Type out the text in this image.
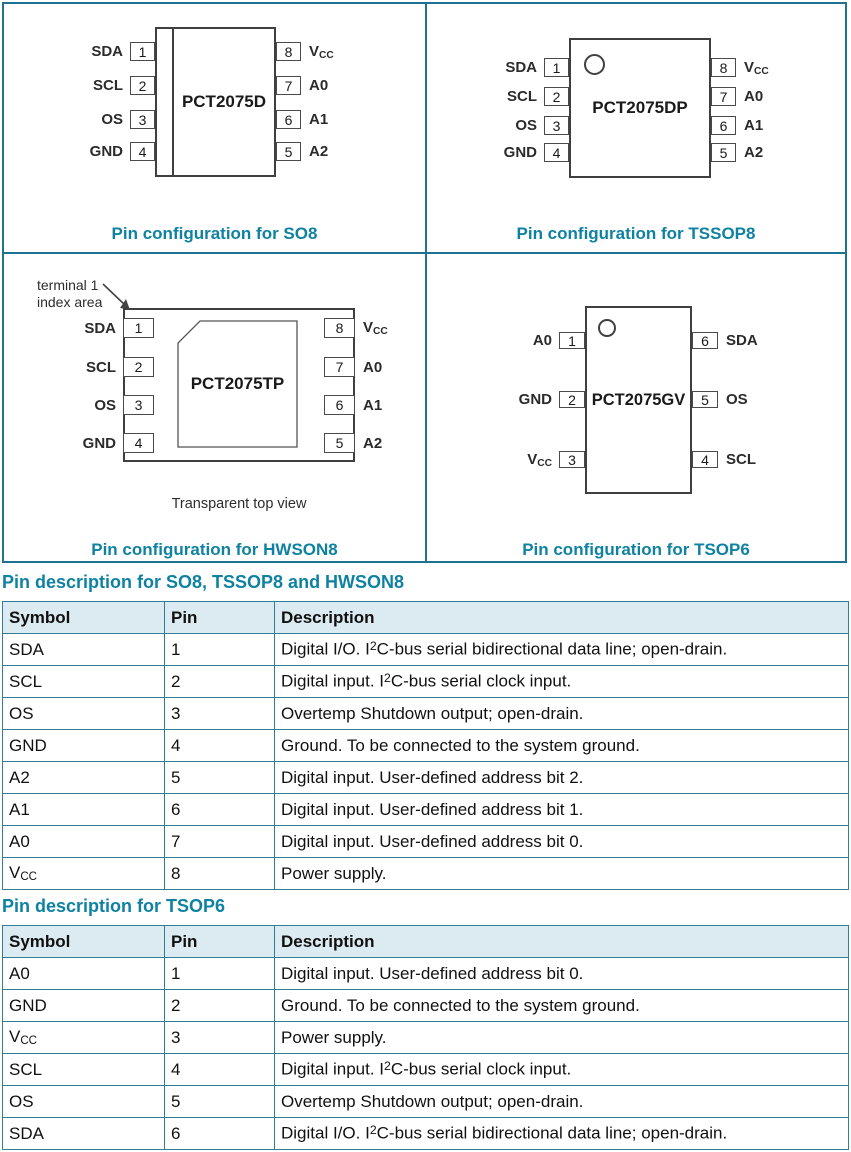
PCT2075D
SDA	1
SCL	2
OS	3
GND	4
8	VCC
7	A0
6	A1
5	A2
Pin configuration for SO8
PCT2075DP
SDA	1
SCL	2
OS	3
GND	4
8	VCC
7	A0
6	A1
5	A2
Pin configuration for TSSOP8
terminal 1
index area
PCT2075TP
SDA	1
SCL	2
OS	3
GND	4
8	VCC
7	A0
6	A1
5	A2
Transparent top view
Pin configuration for HWSON8
PCT2075GV
A0	1
GND	2
VCC	3
6	SDA
5	OS
4	SCL
Pin configuration for TSOP6
Pin description for SO8, TSSOP8 and HWSON8
Symbol	Pin	Description
SDA	1	Digital I/O. $I^2C$-bus serial bidirectional data line; open-drain.
SCL	2	Digital input. $I^2C$-bus serial clock input.
OS	3	Overtemp Shutdown output; open-drain.
GND	4	Ground. To be connected to the system ground.
A2	5	Digital input. User-defined address bit 2.
A1	6	Digital input. User-defined address bit 1.
A0	7	Digital input. User-defined address bit 0.
VCC	8	Power supply.
Pin description for TSOP6
Symbol	Pin	Description
A0	1	Digital input. User-defined address bit 0.
GND	2	Ground. To be connected to the system ground.
VCC	3	Power supply.
SCL	4	Digital input. $I^2C$-bus serial clock input.
OS	5	Overtemp Shutdown output; open-drain.
SDA	6	Digital I/O. $I^2C$-bus serial bidirectional data line; open-drain.
